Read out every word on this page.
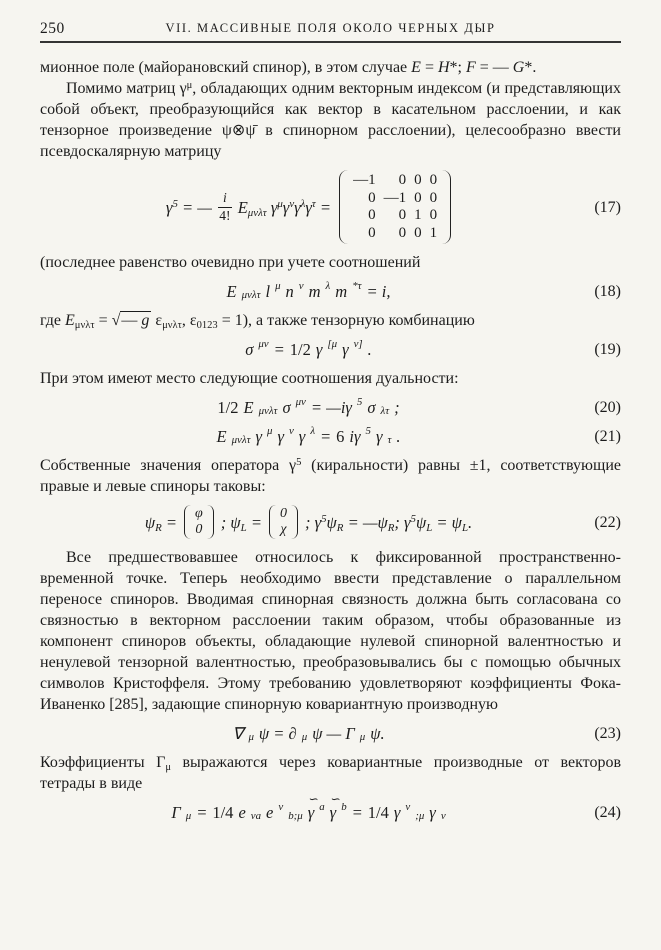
250	VII. МАССИВНЫЕ ПОЛЯ ОКОЛО ЧЕРНЫХ ДЫР

мионное поле (майорановский спинор), в этом случае E = H*; F = — G*.

Помимо матриц $\gamma^\mu$, обладающих одним векторным индексом (и представляющих собой объект, преобразующийся как вектор в касательном расслоении, и как тензорное произведение ψ⊗ψ̄ в спинорном расслоении), целесообразно ввести псевдоскалярную матрицу

$\gamma^5$ = — $\frac{i}{4!} E_{\mu\nu\lambda\tau}$ $\gamma^\mu\gamma^\nu\gamma^\lambda\gamma^\tau$ =
—1 0 0 0
0 —1 0 0
0 0 1 0
0 0 0 1
(17)

(последнее равенство очевидно при учете соотношений

E $_{\mu\nu\lambda\tau}$ l $^\mu$ n $^\nu$ m $^\lambda$ m $^{*\tau}$ = i,	(18)

где $E_{\mu\nu\lambda\tau}$ = √— g $\varepsilon_{\mu\nu\lambda\tau}$, $\varepsilon_{0123} = 1$), а также тензорную комбинацию

σ $^{\mu\nu}$ = 1/2 γ $^{[\mu}$ γ $^{\nu]}$ .	(19)

При этом имеют место следующие соотношения дуальности:

1/2 E $_{\mu\nu\lambda\tau}$ σ $^{\mu\nu}$ = —iγ $^5$ σ $_{\lambda\tau}$ ;	(20)
E $_{\mu\nu\lambda\tau}$ γ $^\mu$ γ $^\nu$ γ $^\lambda$ = 6 iγ $^5$ γ $_\tau$ .	(21)

Собственные значения оператора $\gamma^5$ (киральности) равны ±1, соответствующие правые и левые спиноры таковы:

$\psi_R = \varphi$
0 ; $\psi_L = 0$
χ ; $\gamma^5\psi_R$ = $—\psi_R$; $\gamma^5\psi_L = \psi_L$.	(22)

Все предшествовавшее относилось к фиксированной пространственно-временной точке. Теперь необходимо ввести представление о параллельном переносе спиноров. Вводимая спинорная связность должна быть согласована со связностью в векторном расслоении таким образом, чтобы образованные из компонент спиноров объекты, обладающие нулевой спинорной валентностью и ненулевой тензорной валентностью, преобразовывались бы с помощью обычных символов Кристоффеля. Этому требованию удовлетворяют коэффициенты Фока-Иваненко [285], задающие спинорную ковариантную производную

∇ $_\mu$ ψ = ∂ $_\mu$ ψ — Γ $_\mu$ ψ.	(23)

Коэффициенты $\Gamma_\mu$ выражаются через ковариантные производные от векторов тетрады в виде

Γ $_\mu$ = 1/4 e $_{\nu a}$ e $^\nu$
$_{b;\mu}$
∽
γ $^a$
∽
γ $^b$ = 1/4 γ $^\nu$
$_{;\mu}$ γ $_\nu$	(24)
